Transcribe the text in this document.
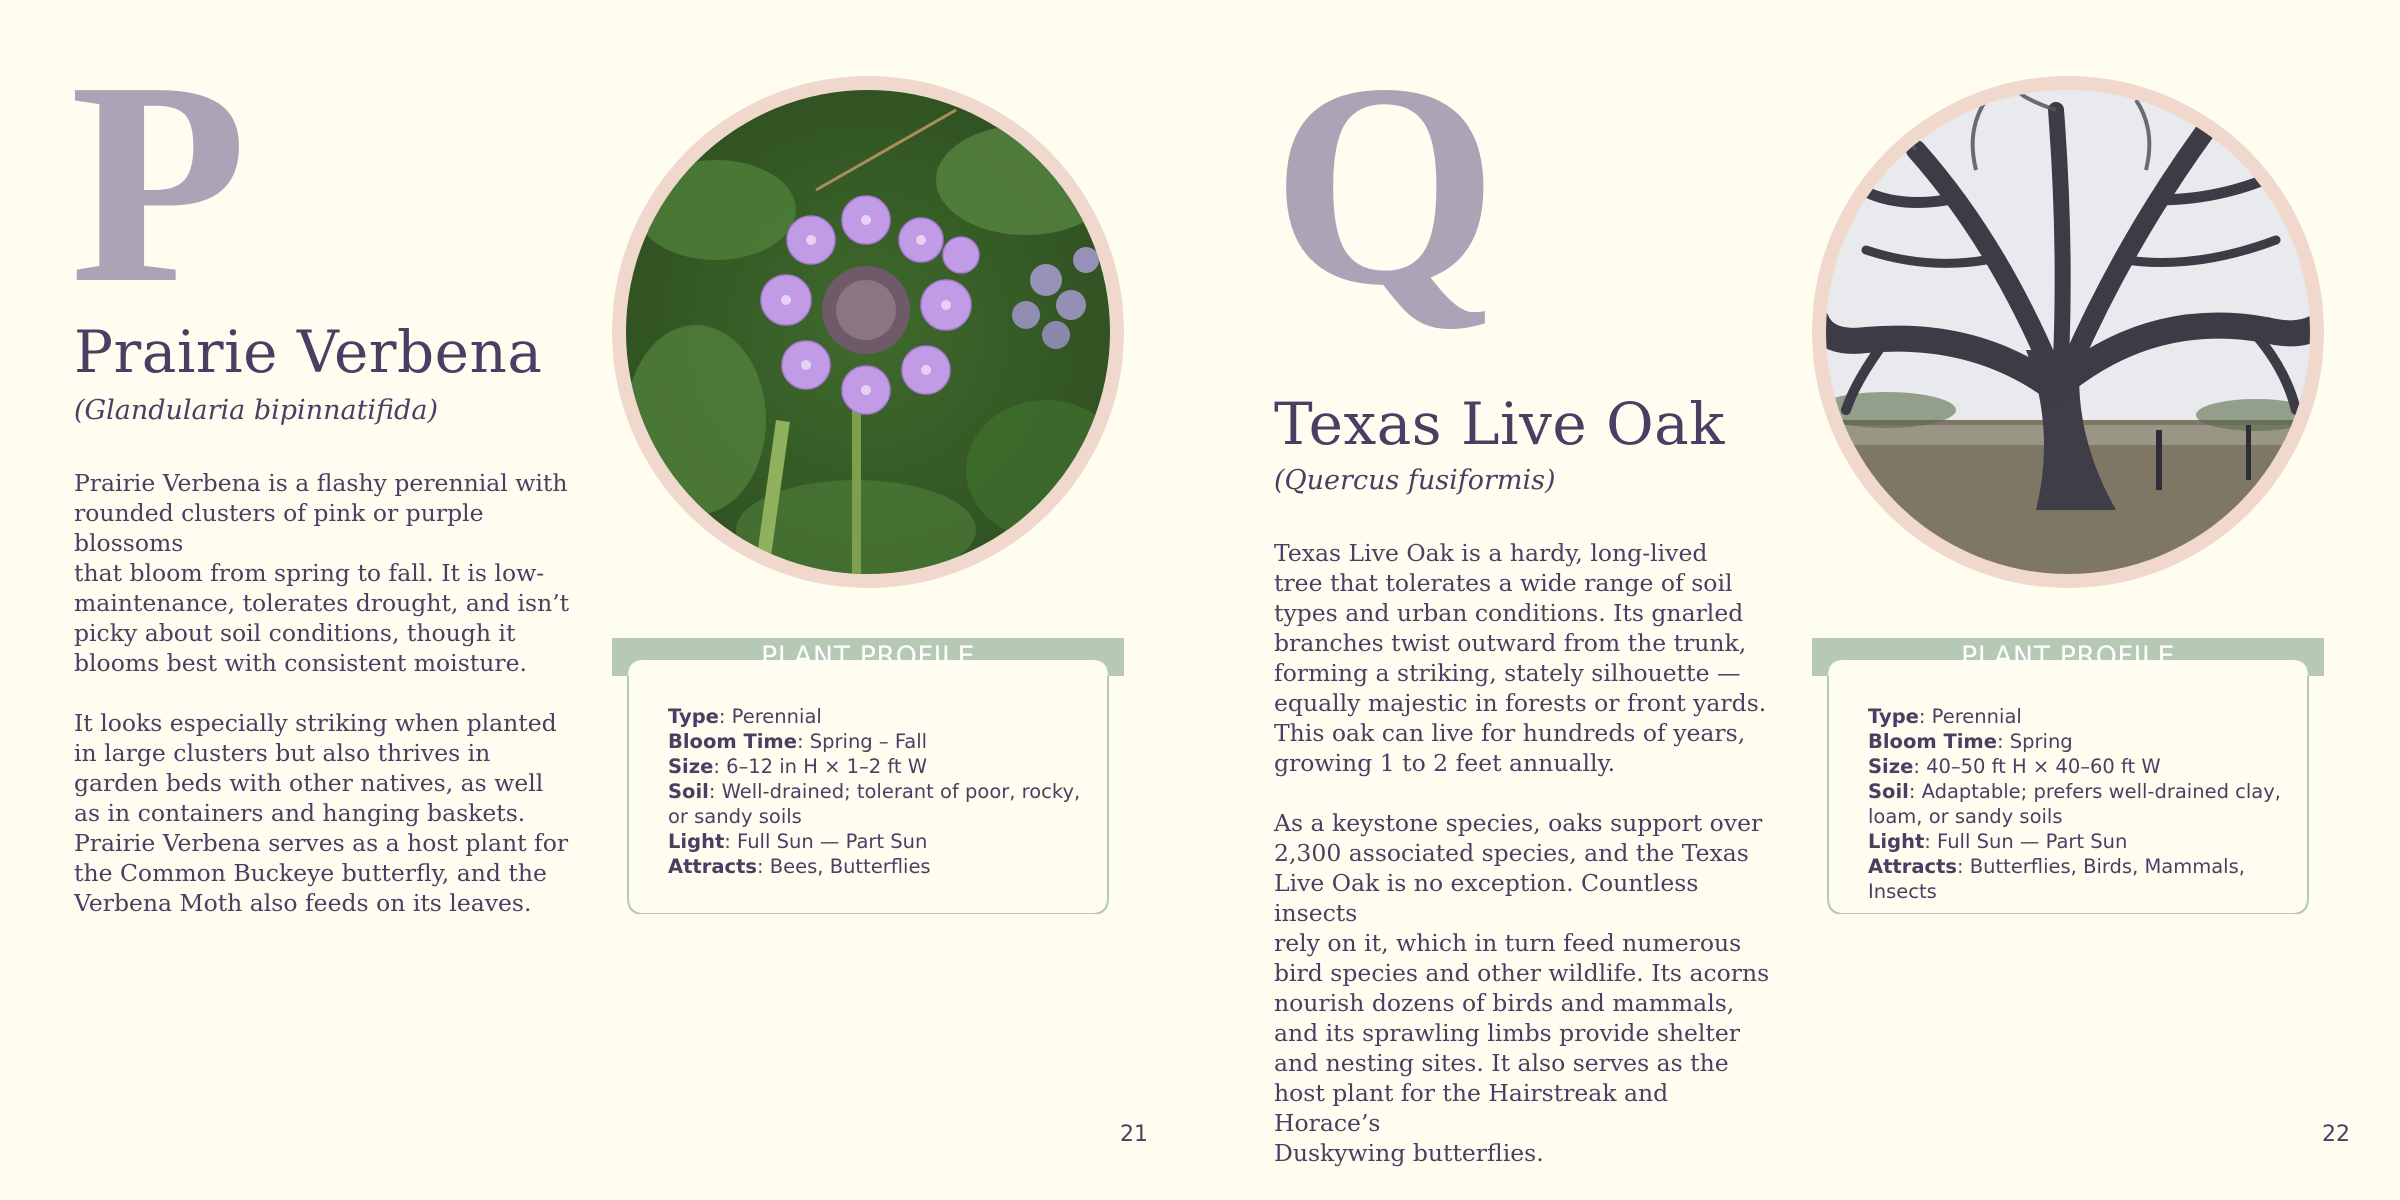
P
Prairie Verbena
(Glandularia bipinnatifida)

Prairie Verbena is a flashy perennial with
rounded clusters of pink or purple blossoms
that bloom from spring to fall. It is low-
maintenance, tolerates drought, and isn’t
picky about soil conditions, though it
blooms best with consistent moisture.

It looks especially striking when planted
in large clusters but also thrives in
garden beds with other natives, as well
as in containers and hanging baskets.
Prairie Verbena serves as a host plant for
the Common Buckeye butterfly, and the
Verbena Moth also feeds on its leaves.

PLANT PROFILE
Type: Perennial
Bloom Time: Spring – Fall
Size: 6–12 in H × 1–2 ft W
Soil: Well-drained; tolerant of poor, rocky, or sandy soils
Light: Full Sun — Part Sun
Attracts: Bees, Butterflies
21
Q
Texas Live Oak
(Quercus fusiformis)

Texas Live Oak is a hardy, long-lived
tree that tolerates a wide range of soil
types and urban conditions. Its gnarled
branches twist outward from the trunk,
forming a striking, stately silhouette —
equally majestic in forests or front yards.
This oak can live for hundreds of years,
growing 1 to 2 feet annually.

As a keystone species, oaks support over
2,300 associated species, and the Texas
Live Oak is no exception. Countless insects
rely on it, which in turn feed numerous
bird species and other wildlife. Its acorns
nourish dozens of birds and mammals,
and its sprawling limbs provide shelter
and nesting sites. It also serves as the
host plant for the Hairstreak and Horace’s
Duskywing butterflies.

PLANT PROFILE
Type: Perennial
Bloom Time: Spring
Size: 40–50 ft H × 40–60 ft W
Soil: Adaptable; prefers well-drained clay, loam, or sandy soils
Light: Full Sun — Part Sun
Attracts: Butterflies, Birds, Mammals, Insects
22
